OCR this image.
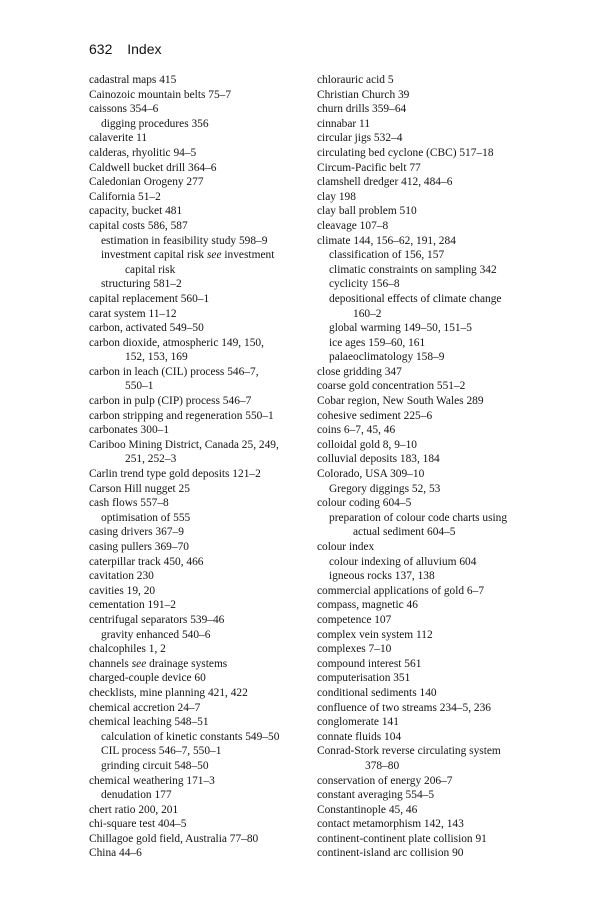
632 Index
cadastral maps 415
Cainozoic mountain belts 75–7
caissons 354–6
digging procedures 356
calaverite 11
calderas, rhyolitic 94–5
Caldwell bucket drill 364–6
Caledonian Orogeny 277
California 51–2
capacity, bucket 481
capital costs 586, 587
estimation in feasibility study 598–9
investment capital risk see investment
capital risk
structuring 581–2
capital replacement 560–1
carat system 11–12
carbon, activated 549–50
carbon dioxide, atmospheric 149, 150,
152, 153, 169
carbon in leach (CIL) process 546–7,
550–1
carbon in pulp (CIP) process 546–7
carbon stripping and regeneration 550–1
carbonates 300–1
Cariboo Mining District, Canada 25, 249,
251, 252–3
Carlin trend type gold deposits 121–2
Carson Hill nugget 25
cash flows 557–8
optimisation of 555
casing drivers 367–9
casing pullers 369–70
caterpillar track 450, 466
cavitation 230
cavities 19, 20
cementation 191–2
centrifugal separators 539–46
gravity enhanced 540–6
chalcophiles 1, 2
channels see drainage systems
charged-couple device 60
checklists, mine planning 421, 422
chemical accretion 24–7
chemical leaching 548–51
calculation of kinetic constants 549–50
CIL process 546–7, 550–1
grinding circuit 548–50
chemical weathering 171–3
denudation 177
chert ratio 200, 201
chi-square test 404–5
Chillagoe gold field, Australia 77–80
China 44–6
chlorauric acid 5
Christian Church 39
churn drills 359–64
cinnabar 11
circular jigs 532–4
circulating bed cyclone (CBC) 517–18
Circum-Pacific belt 77
clamshell dredger 412, 484–6
clay 198
clay ball problem 510
cleavage 107–8
climate 144, 156–62, 191, 284
classification of 156, 157
climatic constraints on sampling 342
cyclicity 156–8
depositional effects of climate change
160–2
global warming 149–50, 151–5
ice ages 159–60, 161
palaeoclimatology 158–9
close gridding 347
coarse gold concentration 551–2
Cobar region, New South Wales 289
cohesive sediment 225–6
coins 6–7, 45, 46
colloidal gold 8, 9–10
colluvial deposits 183, 184
Colorado, USA 309–10
Gregory diggings 52, 53
colour coding 604–5
preparation of colour code charts using
actual sediment 604–5
colour index
colour indexing of alluvium 604
igneous rocks 137, 138
commercial applications of gold 6–7
compass, magnetic 46
competence 107
complex vein system 112
complexes 7–10
compound interest 561
computerisation 351
conditional sediments 140
confluence of two streams 234–5, 236
conglomerate 141
connate fluids 104
Conrad-Stork reverse circulating system
378–80
conservation of energy 206–7
constant averaging 554–5
Constantinople 45, 46
contact metamorphism 142, 143
continent-continent plate collision 91
continent-island arc collision 90
